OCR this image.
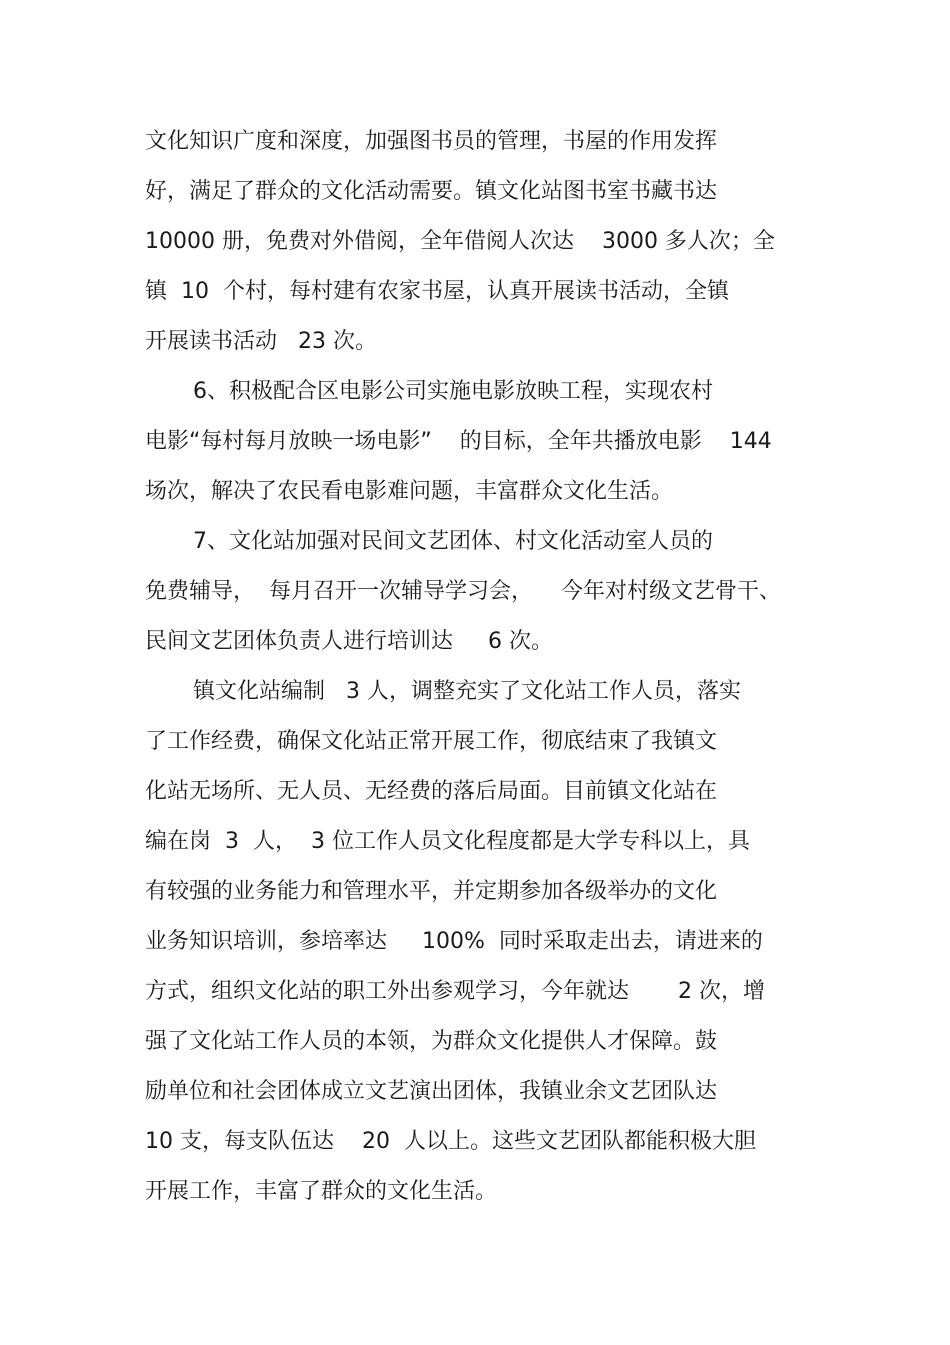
文化知识广度和深度，加强图书员的管理，书屋的作用发挥

好，满足了群众的文化活动需要。镇文化站图书室书藏书达

10000 册，免费对外借阅，全年借阅人次达    3000 多人次；全

镇  10  个村，每村建有农家书屋，认真开展读书活动，全镇

开展读书活动   23 次。

6、积极配合区电影公司实施电影放映工程，实现农村

电影“每村每月放映一场电影”    的目标，全年共播放电影    144

场次，解决了农民看电影难问题，丰富群众文化生活。

7、文化站加强对民间文艺团体、村文化活动室人员的

免费辅导，  每月召开一次辅导学习会，    今年对村级文艺骨干、

民间文艺团体负责人进行培训达     6 次。

镇文化站编制   3 人，调整充实了文化站工作人员，落实

了工作经费，确保文化站正常开展工作，彻底结束了我镇文

化站无场所、无人员、无经费的落后局面。目前镇文化站在

编在岗  3  人，  3 位工作人员文化程度都是大学专科以上，具

有较强的业务能力和管理水平，并定期参加各级举办的文化

业务知识培训，参培率达     100%  同时采取走出去，请进来的

方式，组织文化站的职工外出参观学习，今年就达       2 次，增

强了文化站工作人员的本领，为群众文化提供人才保障。鼓

励单位和社会团体成立文艺演出团体，我镇业余文艺团队达

10 支，每支队伍达    20  人以上。这些文艺团队都能积极大胆

开展工作，丰富了群众的文化生活。
